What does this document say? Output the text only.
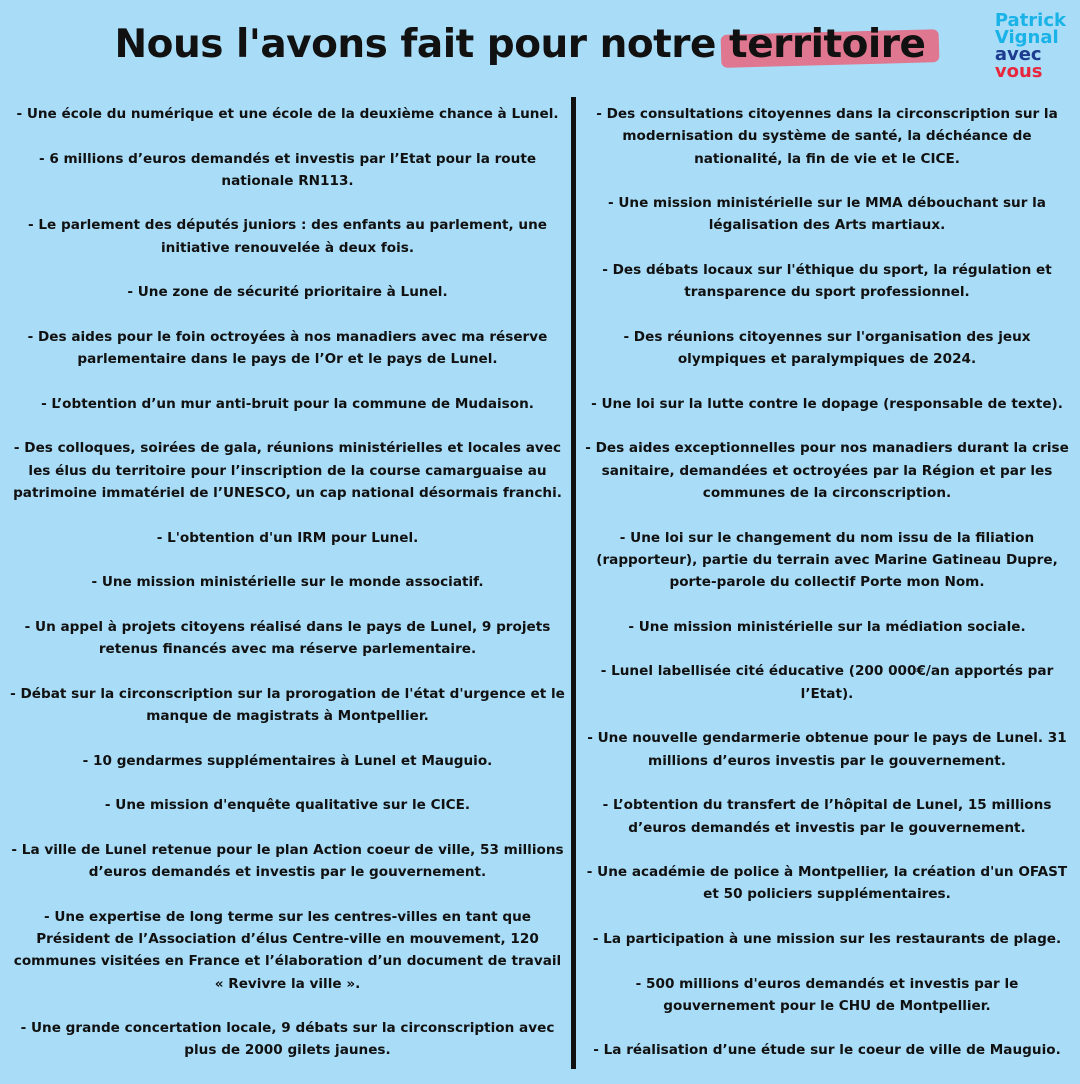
Nous l'avons fait pour notre territoire
Patrick
Vignal
avec
vous

- Une école du numérique et une école de la deuxième chance à Lunel.

- 6 millions d’euros demandés et investis par l’Etat pour la route nationale RN113.

- Le parlement des députés juniors : des enfants au parlement, une initiative renouvelée à deux fois.

- Une zone de sécurité prioritaire à Lunel.

- Des aides pour le foin octroyées à nos manadiers avec ma réserve parlementaire dans le pays de l’Or et le pays de Lunel.

- L’obtention d’un mur anti-bruit pour la commune de Mudaison.

- Des colloques, soirées de gala, réunions ministérielles et locales avec les élus du territoire pour l’inscription de la course camarguaise au patrimoine immatériel de l’UNESCO, un cap national désormais franchi.

- L'obtention d'un IRM pour Lunel.

- Une mission ministérielle sur le monde associatif.

- Un appel à projets citoyens réalisé dans le pays de Lunel, 9 projets retenus financés avec ma réserve parlementaire.

- Débat sur la circonscription sur la prorogation de l'état d'urgence et le manque de magistrats à Montpellier.

- 10 gendarmes supplémentaires à Lunel et Mauguio.

- Une mission d'enquête qualitative sur le CICE.

- La ville de Lunel retenue pour le plan Action coeur de ville, 53 millions d’euros demandés et investis par le gouvernement.

- Une expertise de long terme sur les centres-villes en tant que Président de l’Association d’élus Centre-ville en mouvement, 120 communes visitées en France et l’élaboration d’un document de travail « Revivre la ville ».

- Une grande concertation locale, 9 débats sur la circonscription avec plus de 2000 gilets jaunes.

- Des consultations citoyennes dans la circonscription sur la modernisation du système de santé, la déchéance de nationalité, la fin de vie et le CICE.

- Une mission ministérielle sur le MMA débouchant sur la légalisation des Arts martiaux.

- Des débats locaux sur l'éthique du sport, la régulation et transparence du sport professionnel.

- Des réunions citoyennes sur l'organisation des jeux olympiques et paralympiques de 2024.

- Une loi sur la lutte contre le dopage (responsable de texte).

- Des aides exceptionnelles pour nos manadiers durant la crise sanitaire, demandées et octroyées par la Région et par les communes de la circonscription.

- Une loi sur le changement du nom issu de la filiation (rapporteur), partie du terrain avec Marine Gatineau Dupre, porte-parole du collectif Porte mon Nom.

- Une mission ministérielle sur la médiation sociale.

- Lunel labellisée cité éducative (200 000€/an apportés par l’Etat).

- Une nouvelle gendarmerie obtenue pour le pays de Lunel. 31 millions d’euros investis par le gouvernement.

- L’obtention du transfert de l’hôpital de Lunel, 15 millions d’euros demandés et investis par le gouvernement.

- Une académie de police à Montpellier, la création d'un OFAST et 50 policiers supplémentaires.

- La participation à une mission sur les restaurants de plage.

- 500 millions d'euros demandés et investis par le gouvernement pour le CHU de Montpellier.

- La réalisation d’une étude sur le coeur de ville de Mauguio.
